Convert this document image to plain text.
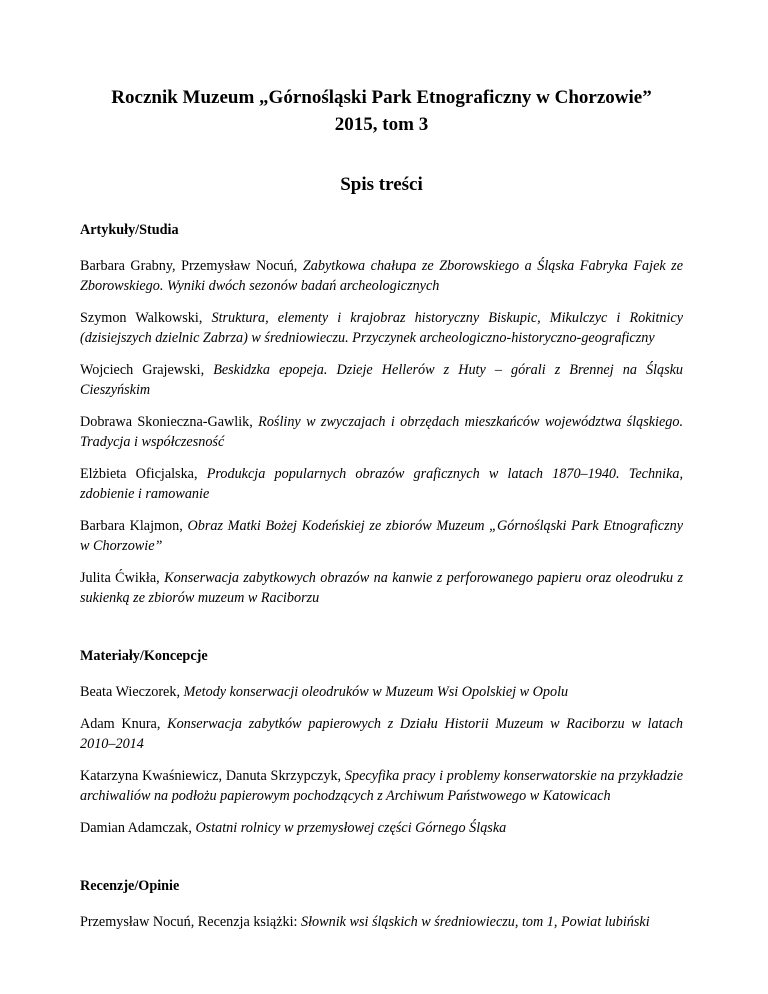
Rocznik Muzeum „Górnośląski Park Etnograficzny w Chorzowie”
2015, tom 3

Spis treści

Artykuły/Studia

Barbara Grabny, Przemysław Nocuń, Zabytkowa chałupa ze Zborowskiego a Śląska Fabryka Fajek ze Zborowskiego. Wyniki dwóch sezonów badań archeologicznych

Szymon Walkowski, Struktura, elementy i krajobraz historyczny Biskupic, Mikulczyc i Rokitnicy (dzisiejszych dzielnic Zabrza) w średniowieczu. Przyczynek archeologiczno-historyczno-geograficzny

Wojciech Grajewski, Beskidzka epopeja. Dzieje Hellerów z Huty – górali z Brennej na Śląsku Cieszyńskim

Dobrawa Skonieczna-Gawlik, Rośliny w zwyczajach i obrzędach mieszkańców województwa śląskiego. Tradycja i współczesność

Elżbieta Oficjalska, Produkcja popularnych obrazów graficznych w latach 1870–1940. Technika, zdobienie i ramowanie

Barbara Klajmon, Obraz Matki Bożej Kodeńskiej ze zbiorów Muzeum „Górnośląski Park Etnograficzny w Chorzowie”

Julita Ćwikła, Konserwacja zabytkowych obrazów na kanwie z perforowanego papieru oraz oleodruku z sukienką ze zbiorów muzeum w Raciborzu

Materiały/Koncepcje

Beata Wieczorek, Metody konserwacji oleodruków w Muzeum Wsi Opolskiej w Opolu

Adam Knura, Konserwacja zabytków papierowych z Działu Historii Muzeum w Raciborzu w latach 2010–2014

Katarzyna Kwaśniewicz, Danuta Skrzypczyk, Specyfika pracy i problemy konserwatorskie na przykładzie archiwaliów na podłożu papierowym pochodzących z Archiwum Państwowego w Katowicach

Damian Adamczak, Ostatni rolnicy w przemysłowej części Górnego Śląska

Recenzje/Opinie

Przemysław Nocuń, Recenzja książki: Słownik wsi śląskich w średniowieczu, tom 1, Powiat lubiński
